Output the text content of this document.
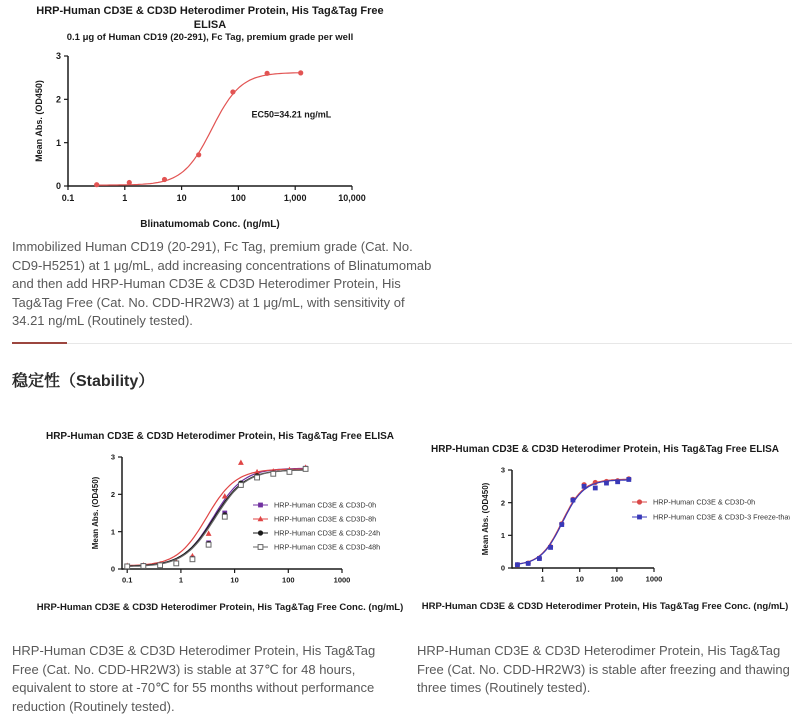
HRP-Human CD3E & CD3D Heterodimer Protein, His Tag&Tag Free ELISA
0.1 μg of Human CD19 (20-291), Fc Tag, premium grade per well
0.1	1	10	100	1,000	10,000
0
1
2
3
Mean Abs. (OD450)	EC50=34.21 ng/mL
Blinatumomab Conc. (ng/mL)
Immobilized Human CD19 (20-291), Fc Tag, premium grade (Cat. No. CD9-H5251) at 1 μg/mL, add increasing concentrations of Blinatumomab and then add HRP-Human CD3E & CD3D Heterodimer Protein, His Tag&Tag Free (Cat. No. CDD-HR2W3) at 1 μg/mL, with sensitivity of 34.21 ng/mL (Routinely tested).
稳定性（Stability）
HRP-Human CD3E & CD3D Heterodimer Protein, His Tag&Tag Free ELISA
0.1	1	10	100	1000
0
1
2
3
Mean Abs. (OD450)	HRP-Human CD3E & CD3D-0h
HRP-Human CD3E & CD3D-8h
HRP-Human CD3E & CD3D-24h
HRP-Human CD3E & CD3D-48h
HRP-Human CD3E & CD3D Heterodimer Protein, His Tag&Tag Free Conc. (ng/mL)
HRP-Human CD3E & CD3D Heterodimer Protein, His Tag&Tag Free ELISA
1	10	100	1000
0
1
2
3
Mean Abs. (OD450)	HRP-Human CD3E & CD3D-0h
HRP-Human CD3E & CD3D-3 Freeze-thaw
HRP-Human CD3E & CD3D Heterodimer Protein, His Tag&Tag Free Conc. (ng/mL)
HRP-Human CD3E & CD3D Heterodimer Protein, His Tag&Tag Free (Cat. No. CDD-HR2W3) is stable at 37℃ for 48 hours, equivalent to store at -70℃ for 55 months without performance reduction (Routinely tested).
HRP-Human CD3E & CD3D Heterodimer Protein, His Tag&Tag Free (Cat. No. CDD-HR2W3) is stable after freezing and thawing three times (Routinely tested).
